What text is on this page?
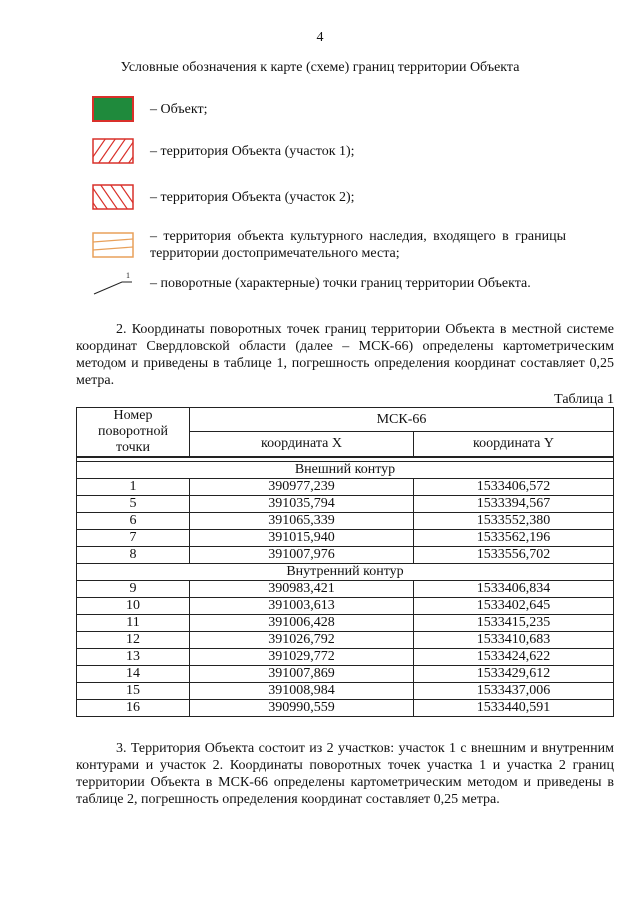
4
Условные обозначения к карте (схеме) границ территории Объекта
– Объект;
– территория Объекта (участок 1);
– территория Объекта (участок 2);
– территория объекта культурного наследия, входящего в границы территории достопримечательного места;
1 – поворотные (характерные) точки границ территории Объекта.

2. Координаты поворотных точек границ территории Объекта в местной системе координат Свердловской области (далее – МСК-66) определены картометрическим методом и приведены в таблице 1, погрешность определения координат составляет 0,25 метра.

Таблица 1
Номер поворотной точки	МСК-66	
	координата X	координата Y

Внешний контур		
1	390977,239	1533406,572
5	391035,794	1533394,567
6	391065,339	1533552,380
7	391015,940	1533562,196
8	391007,976	1533556,702
Внутренний контур		
9	390983,421	1533406,834
10	391003,613	1533402,645
11	391006,428	1533415,235
12	391026,792	1533410,683
13	391029,772	1533424,622
14	391007,869	1533429,612
15	391008,984	1533437,006
16	390990,559	1533440,591

3. Территория Объекта состоит из 2 участков: участок 1 с внешним и внутренним контурами и участок 2. Координаты поворотных точек участка 1 и участка 2 границ территории Объекта в МСК-66 определены картометрическим методом и приведены в таблице 2, погрешность определения координат составляет 0,25 метра.
